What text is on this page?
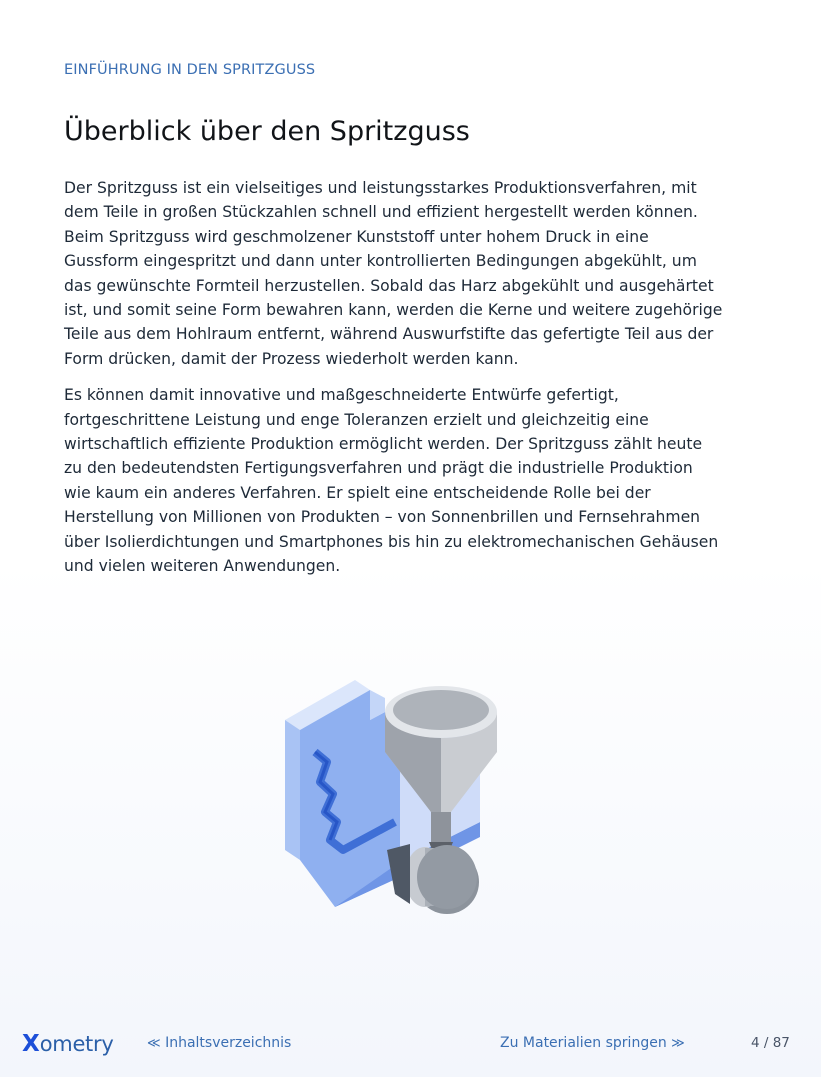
EINFÜHRUNG IN DEN SPRITZGUSS
Überblick über den Spritzguss

Der Spritzguss ist ein vielseitiges und leistungsstarkes Produktionsverfahren, mit dem Teile in großen Stückzahlen schnell und effizient hergestellt werden können. Beim Spritzguss wird geschmolzener Kunststoff unter hohem Druck in eine Gussform eingespritzt und dann unter kontrollierten Bedingungen abgekühlt, um das gewünschte Formteil herzustellen. Sobald das Harz abgekühlt und ausgehärtet ist, und somit seine Form bewahren kann, werden die Kerne und weitere zugehörige Teile aus dem Hohlraum entfernt, während Auswurfstifte das gefertigte Teil aus der Form drücken, damit der Prozess wiederholt werden kann.

Es können damit innovative und maßgeschneiderte Entwürfe gefertigt, fortgeschrittene Leistung und enge Toleranzen erzielt und gleichzeitig eine wirtschaftlich effiziente Produktion ermöglicht werden. Der Spritzguss zählt heute zu den bedeutendsten Fertigungsverfahren und prägt die industrielle Produktion wie kaum ein anderes Verfahren. Er spielt eine entscheidende Rolle bei der Herstellung von Millionen von Produkten – von Sonnenbrillen und Fernsehrahmen über Isolierdichtungen und Smartphones bis hin zu elektromechanischen Gehäusen und vielen weiteren Anwendungen.

X ometry	≪ Inhaltsverzeichnis	Zu Materialien springen ≫	4 / 87
